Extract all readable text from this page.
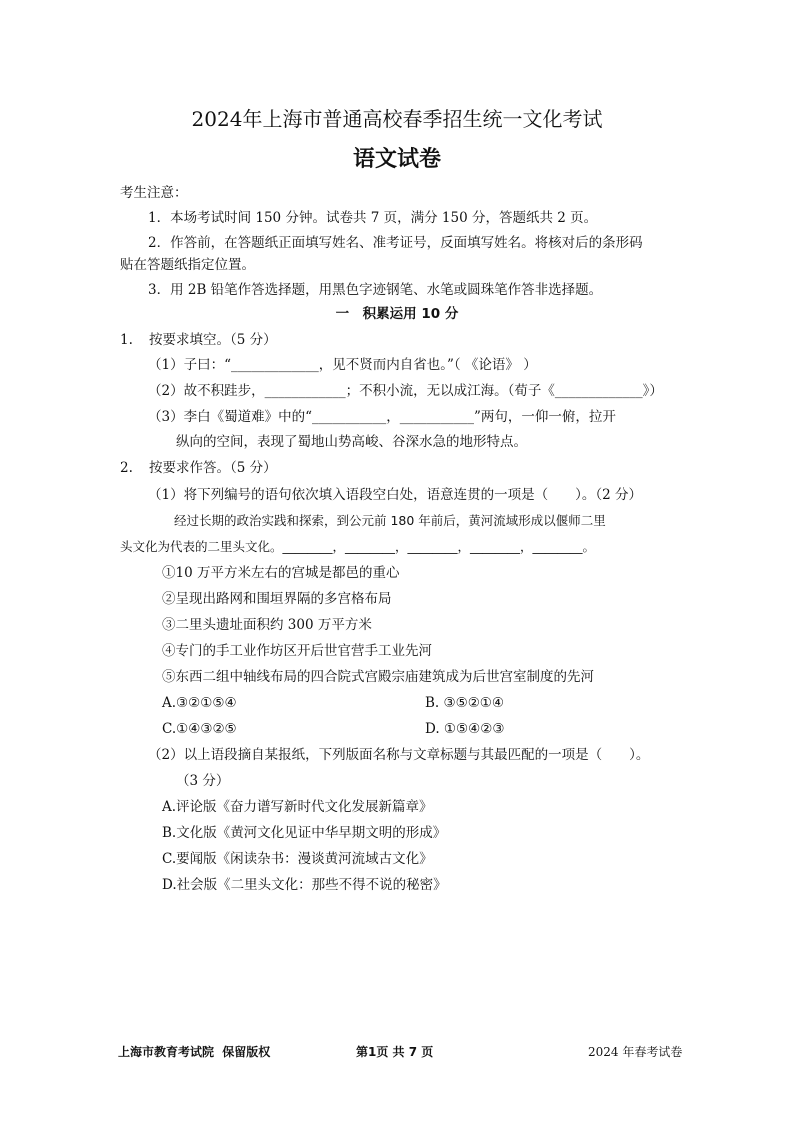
2024年上海市普通高校春季招生统一文化考试
语文试卷
考生注意：
1．本场考试时间 150 分钟。试卷共 7 页，满分 150 分，答题纸共 2 页。
2．作答前，在答题纸正面填写姓名、准考证号，反面填写姓名。将核对后的条形码
贴在答题纸指定位置。
3．用 2B 铅笔作答选择题，用黑色字迹钢笔、水笔或圆珠笔作答非选择题。
一　积累运用 10 分
1. 按要求填空。（5 分）
（1）子曰：“_____________，见不贤而内自省也。”（ 《论语》 ）
（2）故不积跬步，____________；不积小流，无以成江海。（荀子《_____________》）
（3）李白《蜀道难》中的“___________，___________”两句，一仰一俯，拉开
纵向的空间，表现了蜀地山势高峻、谷深水急的地形特点。
2. 按要求作答。（5 分）
（1）将下列编号的语句依次填入语段空白处，语意连贯的一项是（　　）。（2 分）
经过长期的政治实践和探索，到公元前 180 年前后，黄河流域形成以偃师二里
头文化为代表的二里头文化。________，________，________，________，________。
①10 万平方米左右的宫城是都邑的重心
②呈现出路网和围垣界隔的多宫格布局
③二里头遗址面积约 300 万平方米
④专门的手工业作坊区开后世官营手工业先河
⑤东西二组中轴线布局的四合院式宫殿宗庙建筑成为后世宫室制度的先河
A.③②①⑤④	B. ③⑤②①④
C.①④③②⑤	D. ①⑤④②③
（2）以上语段摘自某报纸，下列版面名称与文章标题与其最匹配的一项是（　　）。
（3 分）
A.评论版《奋力谱写新时代文化发展新篇章》
B.文化版《黄河文化见证中华早期文明的形成》
C.要闻版《闲读杂书：漫谈黄河流域古文化》
D.社会版《二里头文化：那些不得不说的秘密》
上海市教育考试院 保留版权	第1页 共 7 页	2024 年春考试卷
